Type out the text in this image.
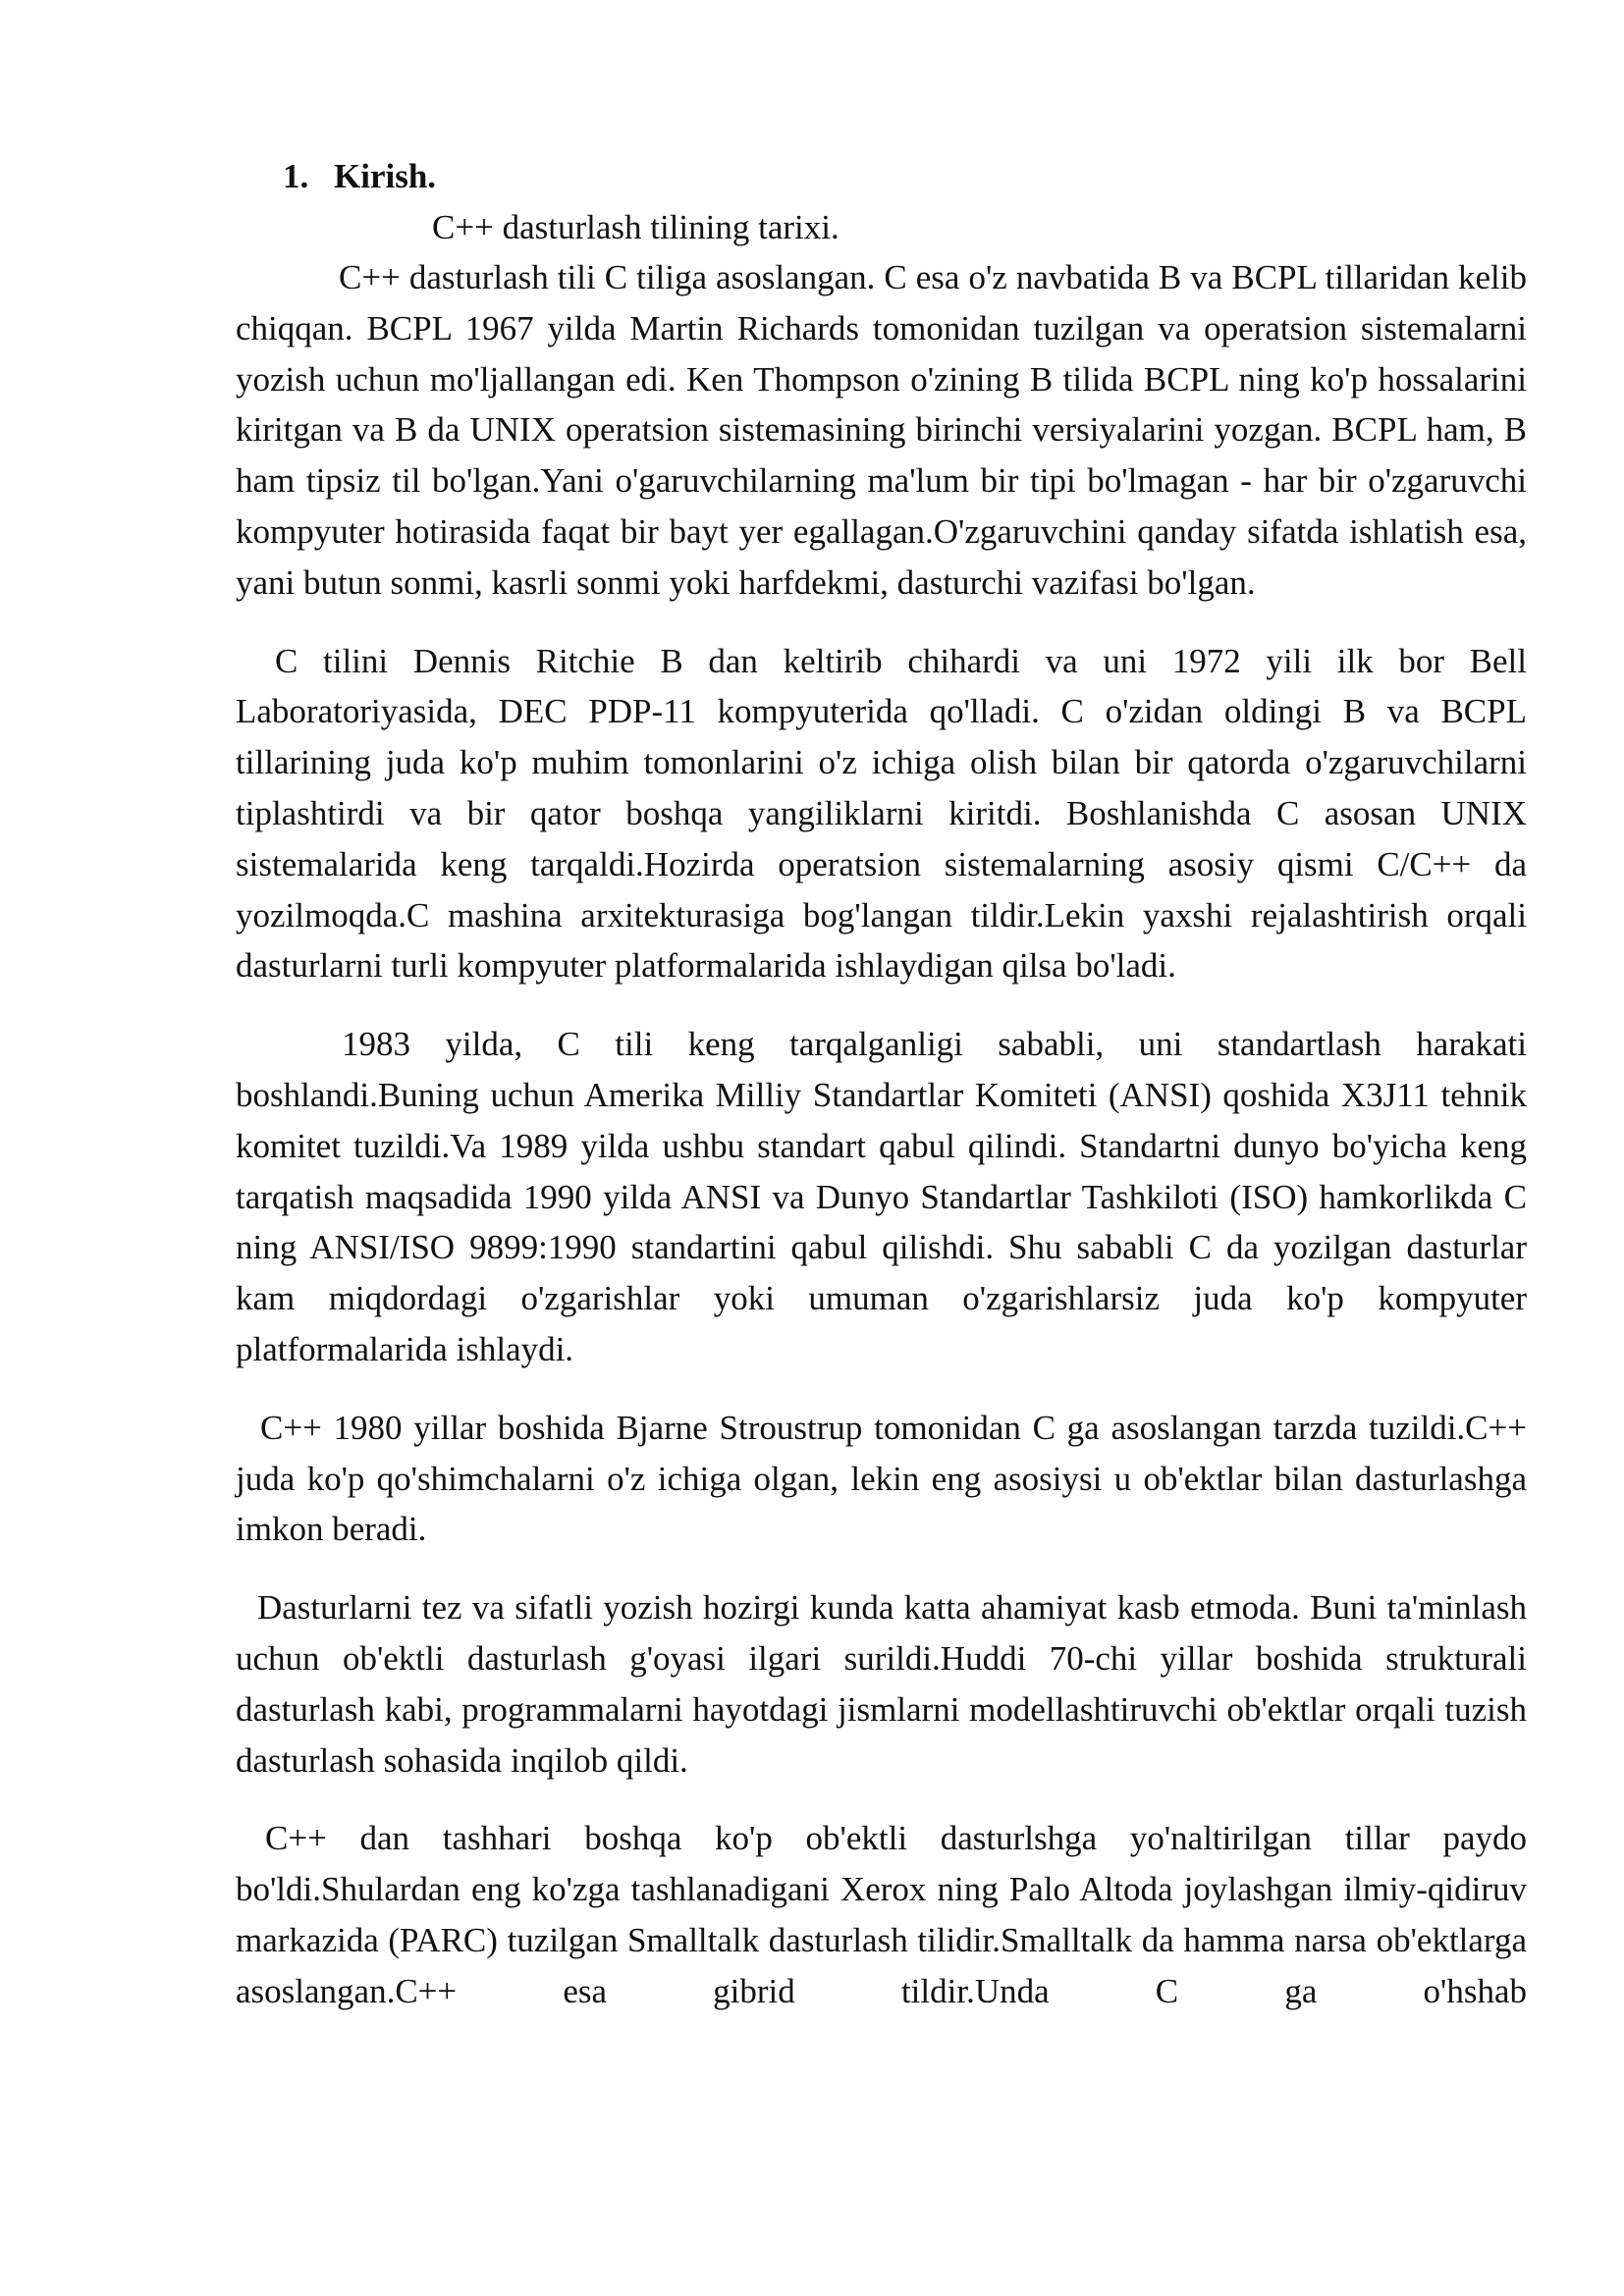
1. Kirish.
C++ dasturlash tilining tarixi.

C++ dasturlash tili C tiliga asoslangan. C esa o'z navbatida B va BCPL tillaridan kelib chiqqan. BCPL 1967 yilda Martin Richards tomonidan tuzilgan va operatsion sistemalarni yozish uchun mo'ljallangan edi. Ken Thompson o'zining B tilida BCPL ning ko'p hossalarini kiritgan va B da UNIX operatsion sistemasining birinchi versiyalarini yozgan. BCPL ham, B ham tipsiz til bo'lgan.Yani o'garuvchilarning ma'lum bir tipi bo'lmagan - har bir o'zgaruvchi kompyuter hotirasida faqat bir bayt yer egallagan.O'zgaruvchini qanday sifatda ishlatish esa, yani butun sonmi, kasrli sonmi yoki harfdekmi, dasturchi vazifasi bo'lgan.

C tilini Dennis Ritchie B dan keltirib chihardi va uni 1972 yili ilk bor Bell Laboratoriyasida, DEC PDP-11 kompyuterida qo'lladi. C o'zidan oldingi B va BCPL tillarining juda ko'p muhim tomonlarini o'z ichiga olish bilan bir qatorda o'zgaruvchilarni tiplashtirdi va bir qator boshqa yangiliklarni kiritdi. Boshlanishda C asosan UNIX sistemalarida keng tarqaldi.Hozirda operatsion sistemalarning asosiy qismi C/C++ da yozilmoqda.C mashina arxitekturasiga bog'langan tildir.Lekin yaxshi rejalashtirish orqali dasturlarni turli kompyuter platformalarida ishlaydigan qilsa bo'ladi.

1983 yilda, C tili keng tarqalganligi sababli, uni standartlash harakati boshlandi.Buning uchun Amerika Milliy Standartlar Komiteti (ANSI) qoshida X3J11 tehnik komitet tuzildi.Va 1989 yilda ushbu standart qabul qilindi. Standartni dunyo bo'yicha keng tarqatish maqsadida 1990 yilda ANSI va Dunyo Standartlar Tashkiloti (ISO) hamkorlikda C ning ANSI/ISO 9899:1990 standartini qabul qilishdi. Shu sababli C da yozilgan dasturlar kam miqdordagi o'zgarishlar yoki umuman o'zgarishlarsiz juda ko'p kompyuter platformalarida ishlaydi.

C++ 1980 yillar boshida Bjarne Stroustrup tomonidan C ga asoslangan tarzda tuzildi.C++ juda ko'p qo'shimchalarni o'z ichiga olgan, lekin eng asosiysi u ob'ektlar bilan dasturlashga imkon beradi.

Dasturlarni tez va sifatli yozish hozirgi kunda katta ahamiyat kasb etmoda. Buni ta'minlash uchun ob'ektli dasturlash g'oyasi ilgari surildi.Huddi 70-chi yillar boshida strukturali dasturlash kabi, programmalarni hayotdagi jismlarni modellashtiruvchi ob'ektlar orqali tuzish dasturlash sohasida inqilob qildi.

C++ dan tashhari boshqa ko'p ob'ektli dasturlshga yo'naltirilgan tillar paydo bo'ldi.Shulardan eng ko'zga tashlanadigani Xerox ning Palo Altoda joylashgan ilmiy-qidiruv markazida (PARC) tuzilgan Smalltalk dasturlash tilidir.Smalltalk da hamma narsa ob'ektlarga asoslangan.C++ esa gibrid tildir.Unda C ga o'hshab
